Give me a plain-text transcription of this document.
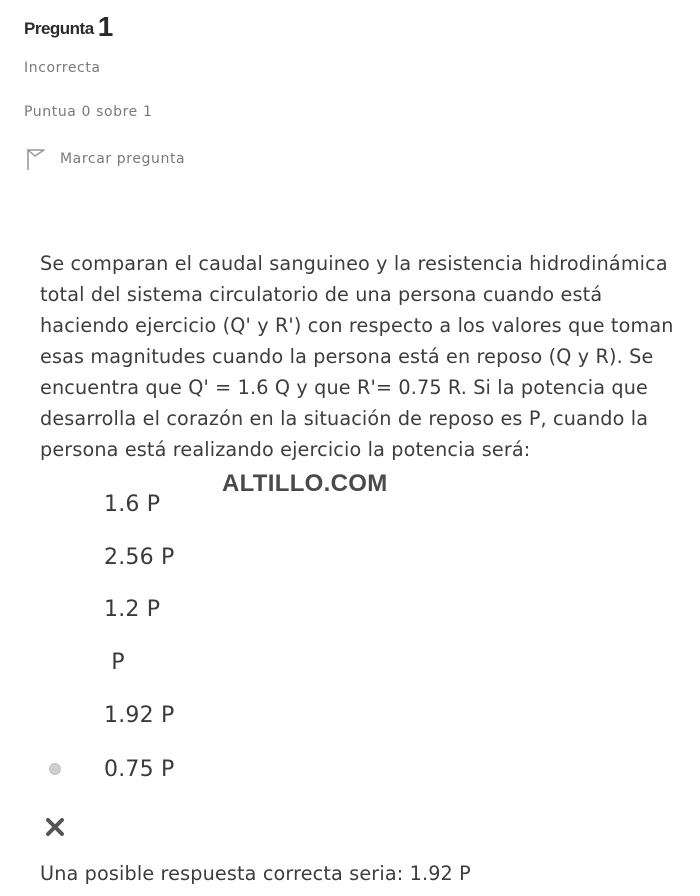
Pregunta 1
Incorrecta
Puntua 0 sobre 1
Marcar pregunta
Se comparan el caudal sanguineo y la resistencia hidrodinámica
total del sistema circulatorio de una persona cuando está
haciendo ejercicio (Q' y R') con respecto a los valores que toman
esas magnitudes cuando la persona está en reposo (Q y R). Se
encuentra que Q' = 1.6 Q y que R'= 0.75 R. Si la potencia que
desarrolla el corazón en la situación de reposo es P, cuando la
persona está realizando ejercicio la potencia será:
ALTILLO.COM
1.6 P
2.56 P
1.2 P
P
1.92 P
0.75 P
Una posible respuesta correcta seria: 1.92 P
